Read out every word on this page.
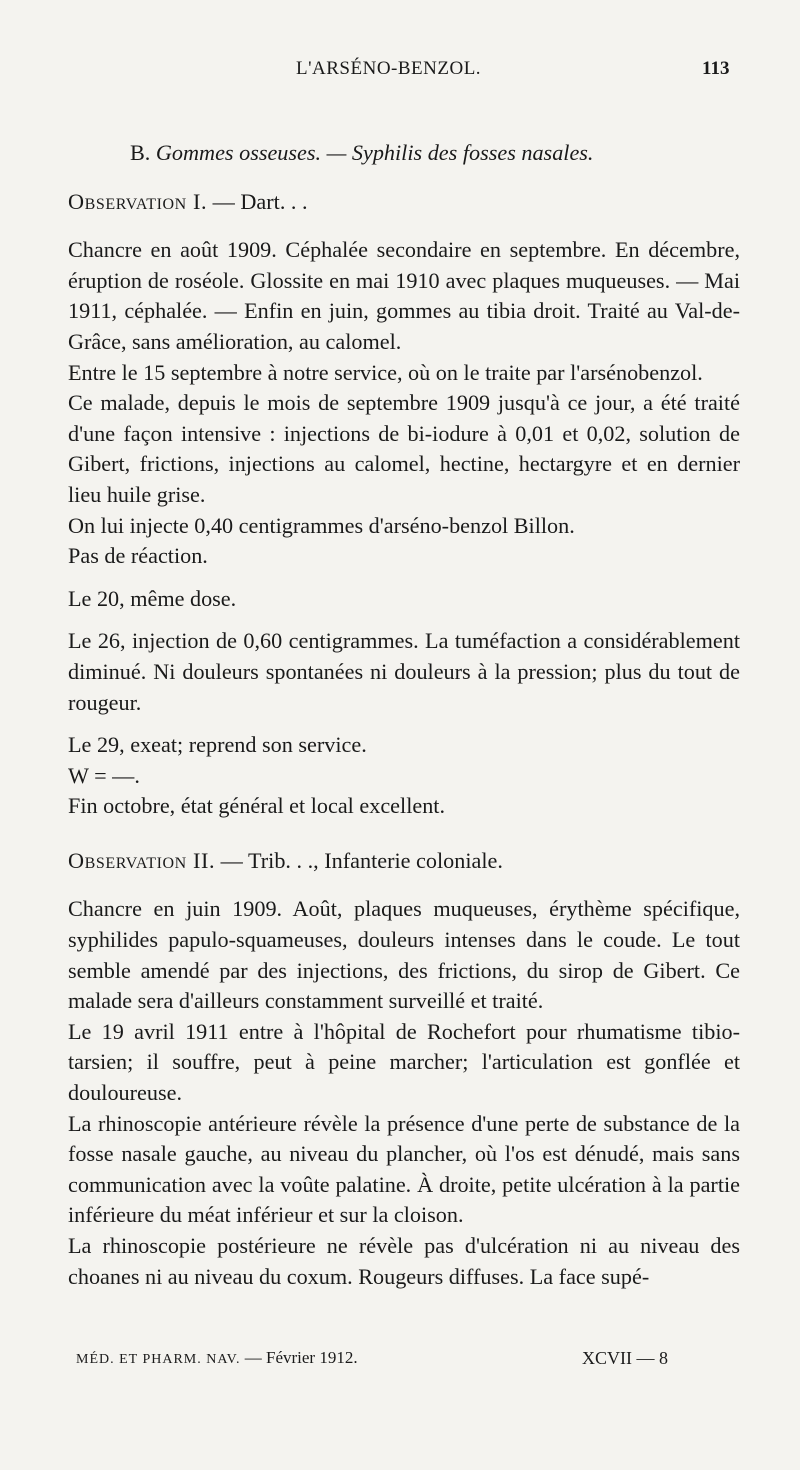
L'ARSÉNO-BENZOL.	113

B. Gommes osseuses. — Syphilis des fosses nasales.

Observation I. — Dart. . .

Chancre en août 1909. Céphalée secondaire en septembre. En décembre, éruption de roséole. Glossite en mai 1910 avec plaques muqueuses. — Mai 1911, céphalée. — Enfin en juin, gommes au tibia droit. Traité au Val-de-Grâce, sans amélioration, au calomel.

Entre le 15 septembre à notre service, où on le traite par l'arsénobenzol.

Ce malade, depuis le mois de septembre 1909 jusqu'à ce jour, a été traité d'une façon intensive : injections de bi-iodure à 0,01 et 0,02, solution de Gibert, frictions, injections au calomel, hectine, hectargyre et en dernier lieu huile grise.

On lui injecte 0,40 centigrammes d'arséno-benzol Billon.

Pas de réaction.

Le 20, même dose.

Le 26, injection de 0,60 centigrammes. La tuméfaction a considérablement diminué. Ni douleurs spontanées ni douleurs à la pression; plus du tout de rougeur.

Le 29, exeat; reprend son service.

W = —.

Fin octobre, état général et local excellent.

Observation II. — Trib. . ., Infanterie coloniale.

Chancre en juin 1909. Août, plaques muqueuses, érythème spécifique, syphilides papulo-squameuses, douleurs intenses dans le coude. Le tout semble amendé par des injections, des frictions, du sirop de Gibert. Ce malade sera d'ailleurs constamment surveillé et traité.

Le 19 avril 1911 entre à l'hôpital de Rochefort pour rhumatisme tibio-tarsien; il souffre, peut à peine marcher; l'articulation est gonflée et douloureuse.

La rhinoscopie antérieure révèle la présence d'une perte de substance de la fosse nasale gauche, au niveau du plancher, où l'os est dénudé, mais sans communication avec la voûte palatine. À droite, petite ulcération à la partie inférieure du méat inférieur et sur la cloison.

La rhinoscopie postérieure ne révèle pas d'ulcération ni au niveau des choanes ni au niveau du coxum. Rougeurs diffuses. La face supé-

MÉD. ET PHARM. NAV. — Février 1912.	XCVII — 8
